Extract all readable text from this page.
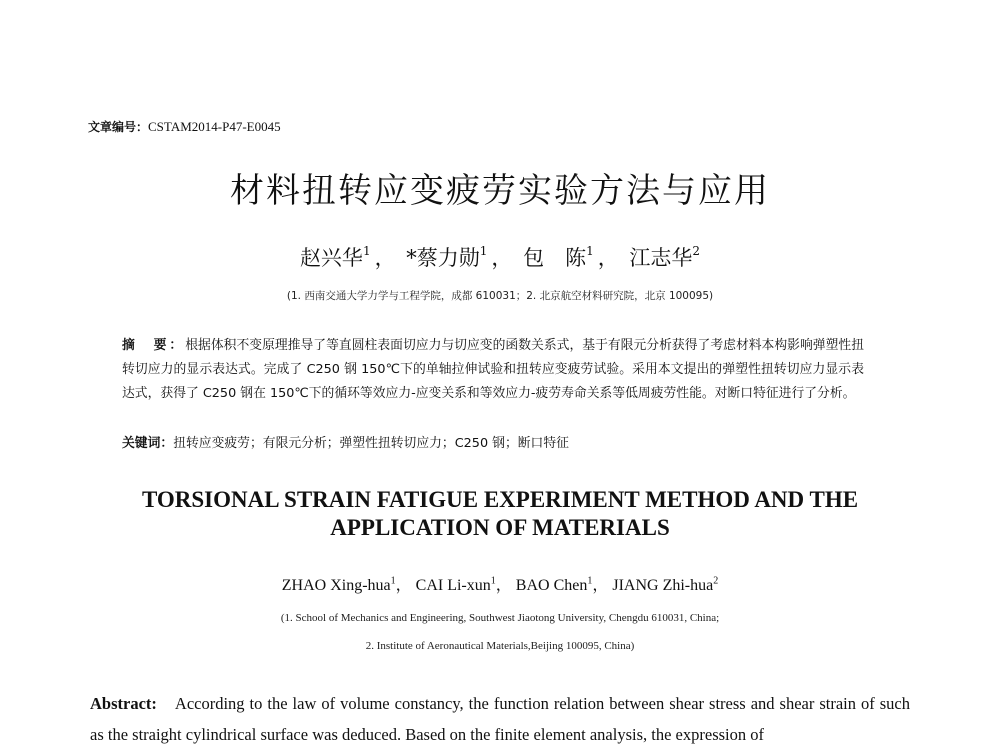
文章编号：CSTAM2014-P47-E0045
材料扭转应变疲劳实验方法与应用
赵兴华$^1$ ， *蔡力勋$^1$ ， 包　陈$^1$ ， 江志华$^2$
(1. 西南交通大学力学与工程学院，成都 610031；2. 北京航空材料研究院，北京 100095)
摘　要：根据体积不变原理推导了等直圆柱表面切应力与切应变的函数关系式，基于有限元分析获得了考虑材料本构影响弹塑性扭转切应力的显示表达式。完成了 C250 钢 150℃下的单轴拉伸试验和扭转应变疲劳试验。采用本文提出的弹塑性扭转切应力显示表达式，获得了 C250 钢在 150℃下的循环等效应力-应变关系和等效应力-疲劳寿命关系等低周疲劳性能。对断口特征进行了分析。
关键词：扭转应变疲劳；有限元分析；弹塑性扭转切应力；C250 钢；断口特征
TORSIONAL STRAIN FATIGUE EXPERIMENT METHOD AND THE
APPLICATION OF MATERIALS
ZHAO Xing-hua$^1$， CAI Li-xun$^1$， BAO Chen$^1$， JIANG Zhi-hua$^2$
(1. School of Mechanics and Engineering, Southwest Jiaotong University, Chengdu 610031, China;
2. Institute of Aeronautical Materials,Beijing 100095, China)
Abstract: According to the law of volume constancy, the function relation between shear stress and shear strain of such as the straight cylindrical surface was deduced. Based on the finite element analysis, the expression of
